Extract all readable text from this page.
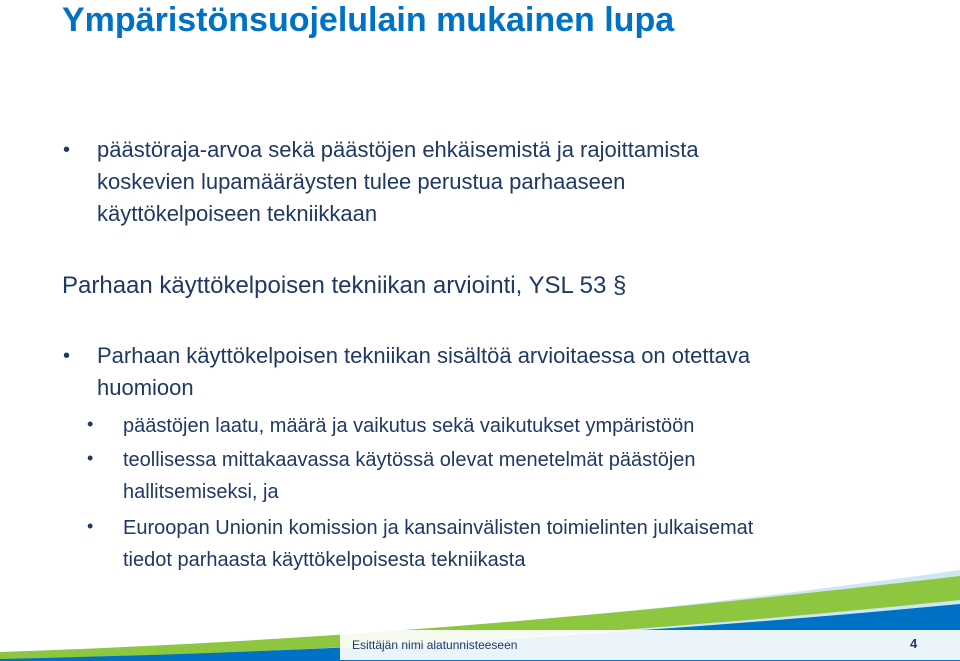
Ympäristönsuojelulain mukainen lupa
• päästöraja-arvoa sekä päästöjen ehkäisemistä ja rajoittamista
koskevien lupamääräysten tulee perustua parhaaseen
käyttökelpoiseen tekniikkaan
Parhaan käyttökelpoisen tekniikan arviointi, YSL 53 §
• Parhaan käyttökelpoisen tekniikan sisältöä arvioitaessa on otettava
huomioon
• päästöjen laatu, määrä ja vaikutus sekä vaikutukset ympäristöön
• teollisessa mittakaavassa käytössä olevat menetelmät päästöjen
hallitsemiseksi, ja
• Euroopan Unionin komission ja kansainvälisten toimielinten julkaisemat
tiedot parhaasta käyttökelpoisesta tekniikasta
Esittäjän nimi alatunnisteeseen	4
